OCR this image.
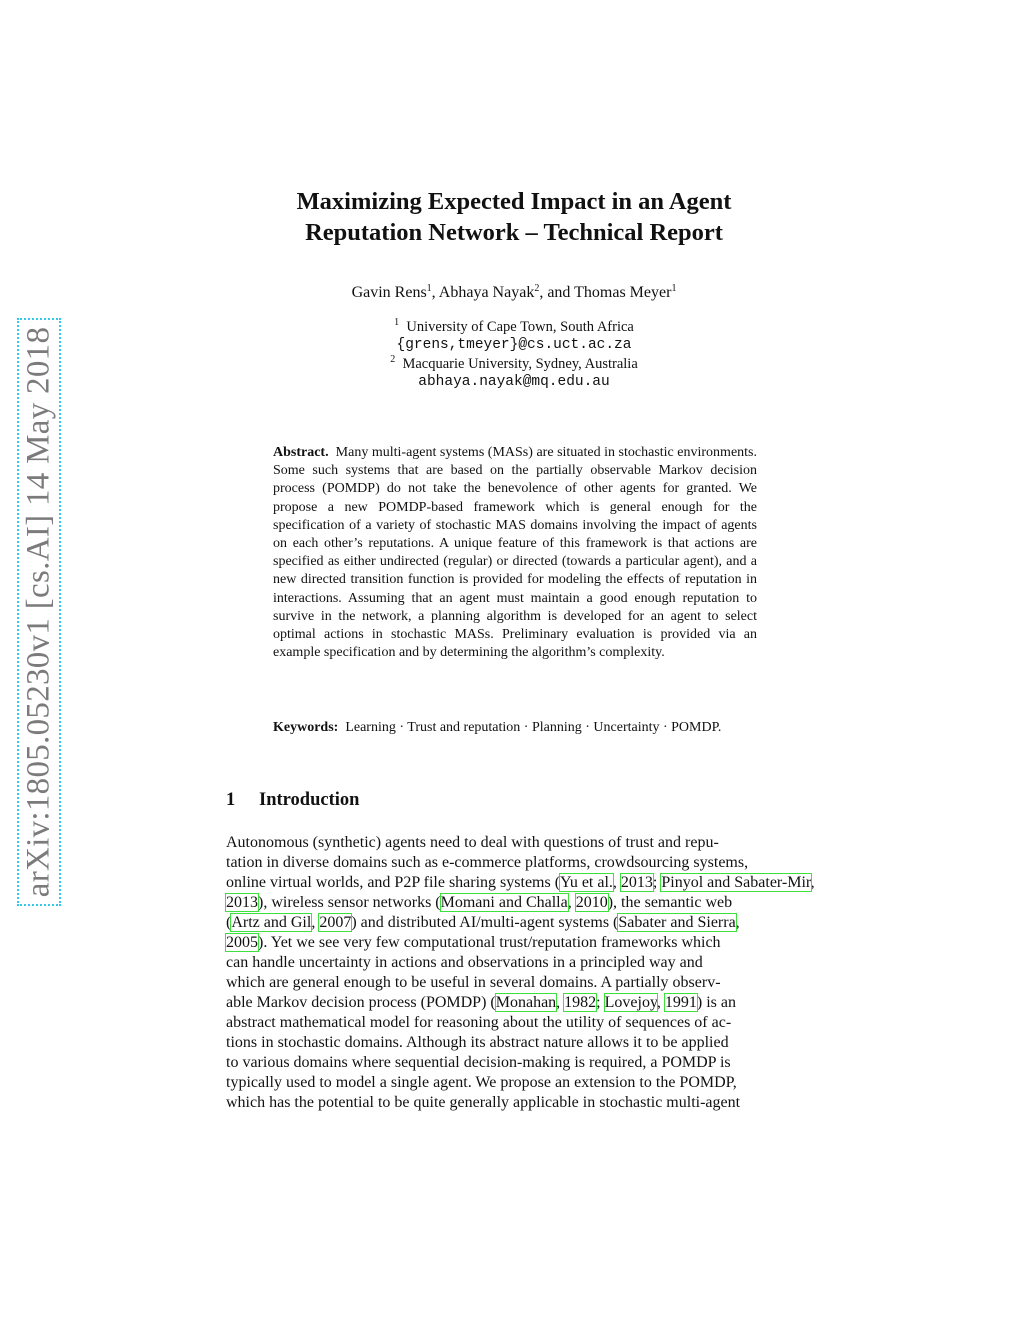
arXiv:1805.05230v1 [cs.AI] 14 May 2018
Maximizing Expected Impact in an Agent
Reputation Network – Technical Report
Gavin Rens$^1$, Abhaya Nayak$^2$, and Thomas Meyer$^1$
$^1$ University of Cape Town, South Africa
{grens,tmeyer}@cs.uct.ac.za
$^2$ Macquarie University, Sydney, Australia
abhaya.nayak@mq.edu.au
Abstract. Many multi-agent systems (MASs) are situated in stochastic environments. Some such systems that are based on the partially observable Markov decision process (POMDP) do not take the benevolence of other agents for granted. We propose a new POMDP-based framework which is general enough for the specification of a variety of stochastic MAS domains involving the impact of agents on each other’s reputations. A unique feature of this framework is that actions are specified as either undirected (regular) or directed (towards a particular agent), and a new directed transition function is provided for modeling the effects of reputation in interactions. Assuming that an agent must maintain a good enough reputation to survive in the network, a planning algorithm is developed for an agent to select optimal actions in stochastic MASs. Preliminary evaluation is provided via an example specification and by determining the algorithm’s complexity.
Keywords: Learning · Trust and reputation · Planning · Uncertainty · POMDP.
1 Introduction
Autonomous (synthetic) agents need to deal with questions of trust and repu-
tation in diverse domains such as e-commerce platforms, crowdsourcing systems,
online virtual worlds, and P2P file sharing systems (Yu et al., 2013; Pinyol and Sabater-Mir,
2013), wireless sensor networks (Momani and Challa, 2010), the semantic web
(Artz and Gil, 2007) and distributed AI/multi-agent systems (Sabater and Sierra,
2005). Yet we see very few computational trust/reputation frameworks which
can handle uncertainty in actions and observations in a principled way and
which are general enough to be useful in several domains. A partially observ-
able Markov decision process (POMDP) (Monahan, 1982; Lovejoy, 1991) is an
abstract mathematical model for reasoning about the utility of sequences of ac-
tions in stochastic domains. Although its abstract nature allows it to be applied
to various domains where sequential decision-making is required, a POMDP is
typically used to model a single agent. We propose an extension to the POMDP,
which has the potential to be quite generally applicable in stochastic multi-agent
